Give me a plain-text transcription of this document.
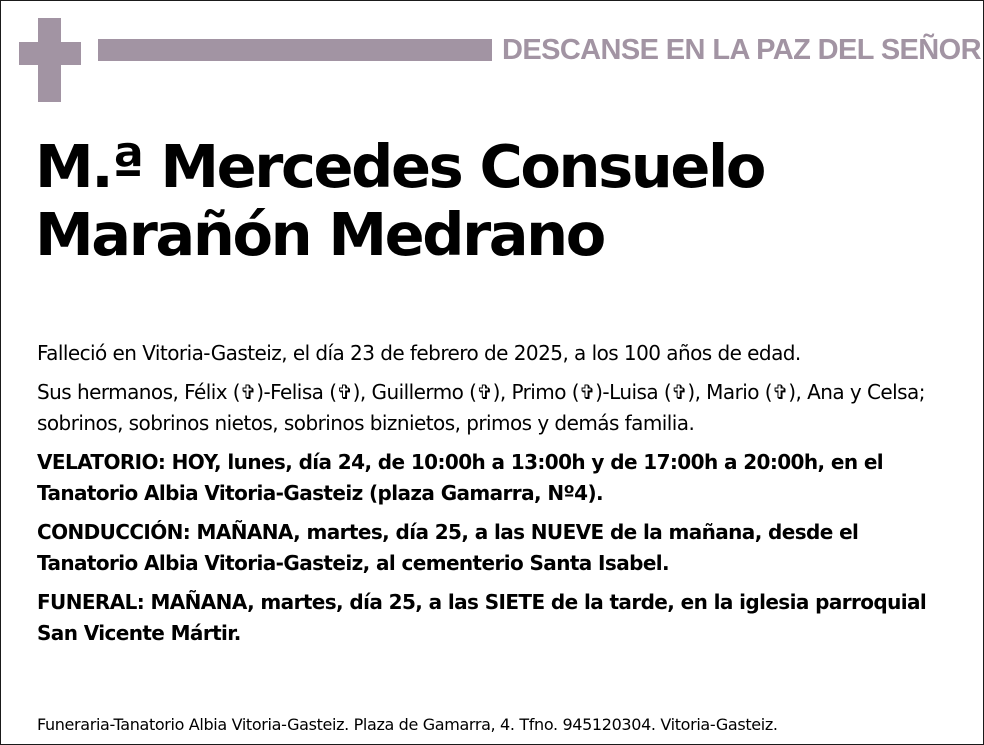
DESCANSE EN LA PAZ DEL SEÑOR
M.ª Mercedes Consuelo
Marañón Medrano

Falleció en Vitoria-Gasteiz, el día 23 de febrero de 2025, a los 100 años de edad.

Sus hermanos, Félix (✞)-Felisa (✞), Guillermo (✞), Primo (✞)-Luisa (✞), Mario (✞), Ana y Celsa; sobrinos, sobrinos nietos, sobrinos biznietos, primos y demás familia.

VELATORIO: HOY, lunes, día 24, de 10:00h a 13:00h y de 17:00h a 20:00h, en el Tanatorio Albia Vitoria-Gasteiz (plaza Gamarra, Nº4).

CONDUCCIÓN: MAÑANA, martes, día 25, a las NUEVE de la mañana, desde el Tanatorio Albia Vitoria-Gasteiz, al cementerio Santa Isabel.

FUNERAL: MAÑANA, martes, día 25, a las SIETE de la tarde, en la iglesia parroquial San Vicente Mártir.

Funeraria-Tanatorio Albia Vitoria-Gasteiz. Plaza de Gamarra, 4. Tfno. 945120304. Vitoria-Gasteiz.
